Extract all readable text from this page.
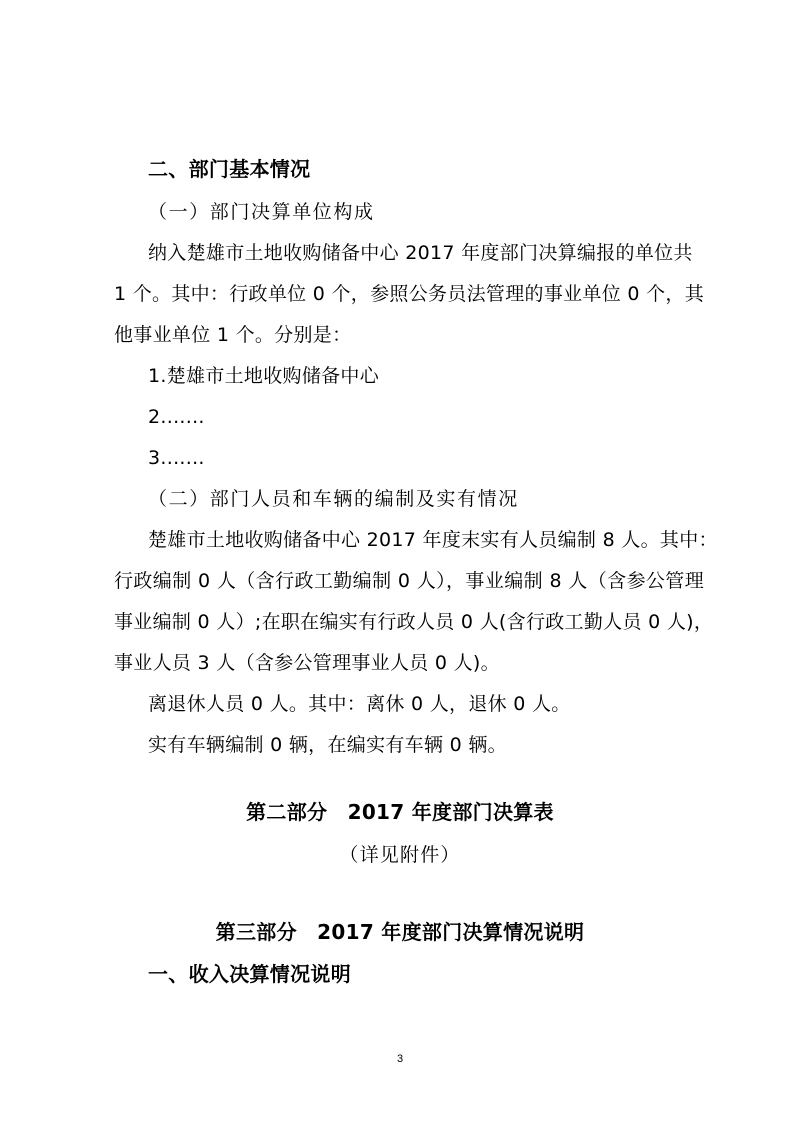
二、部门基本情况
（一）部门决算单位构成
纳入楚雄市土地收购储备中心 2017 年度部门决算编报的单位共
1 个。其中：行政单位 0 个，参照公务员法管理的事业单位 0 个，其
他事业单位 1 个。分别是：
1.楚雄市土地收购储备中心
2.......
3.......
（二）部门人员和车辆的编制及实有情况
楚雄市土地收购储备中心 2017 年度末实有人员编制 8 人。其中：
行政编制 0 人（含行政工勤编制 0 人），事业编制 8 人（含参公管理
事业编制 0 人）;在职在编实有行政人员 0 人(含行政工勤人员 0 人)，
事业人员 3 人（含参公管理事业人员 0 人)。
离退休人员 0 人。其中：离休 0 人，退休 0 人。
实有车辆编制 0 辆，在编实有车辆 0 辆。
第二部分　2017 年度部门决算表
（详见附件）
第三部分　2017 年度部门决算情况说明
一、收入决算情况说明
3
